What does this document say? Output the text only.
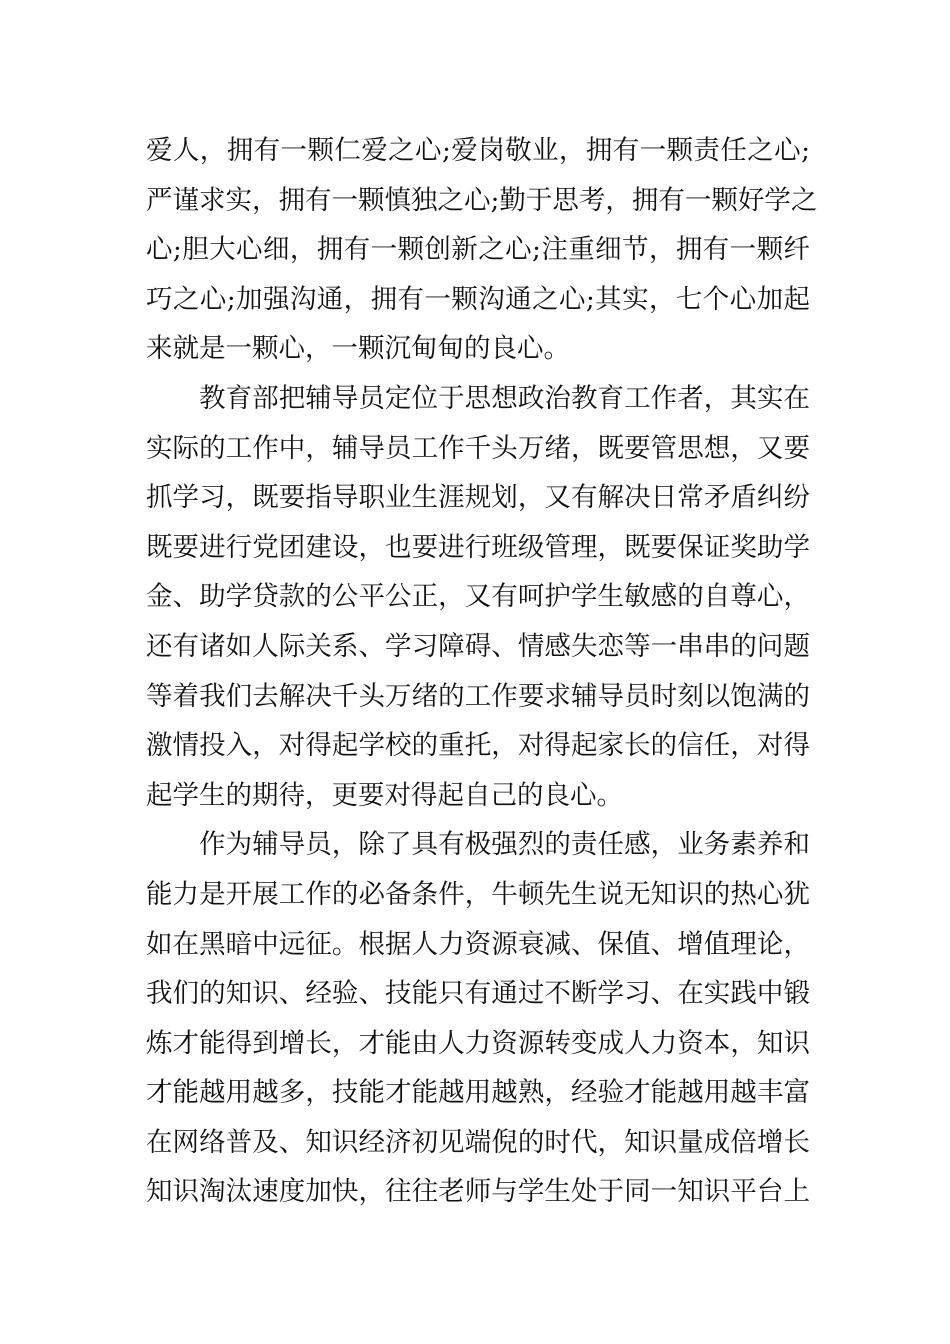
爱人，拥有一颗仁爱之心;爱岗敬业，拥有一颗责任之心;
严谨求实，拥有一颗慎独之心;勤于思考，拥有一颗好学之
心;胆大心细，拥有一颗创新之心;注重细节，拥有一颗纤
巧之心;加强沟通，拥有一颗沟通之心;其实，七个心加起
来就是一颗心，一颗沉甸甸的良心。
教育部把辅导员定位于思想政治教育工作者，其实在
实际的工作中，辅导员工作千头万绪，既要管思想，又要
抓学习，既要指导职业生涯规划，又有解决日常矛盾纠纷
既要进行党团建设，也要进行班级管理，既要保证奖助学
金、助学贷款的公平公正，又有呵护学生敏感的自尊心，
还有诸如人际关系、学习障碍、情感失恋等一串串的问题
等着我们去解决千头万绪的工作要求辅导员时刻以饱满的
激情投入，对得起学校的重托，对得起家长的信任，对得
起学生的期待，更要对得起自己的良心。
作为辅导员，除了具有极强烈的责任感，业务素养和
能力是开展工作的必备条件，牛顿先生说无知识的热心犹
如在黑暗中远征。根据人力资源衰减、保值、增值理论，
我们的知识、经验、技能只有通过不断学习、在实践中锻
炼才能得到增长，才能由人力资源转变成人力资本，知识
才能越用越多，技能才能越用越熟，经验才能越用越丰富
在网络普及、知识经济初见端倪的时代，知识量成倍增长
知识淘汰速度加快，往往老师与学生处于同一知识平台上
